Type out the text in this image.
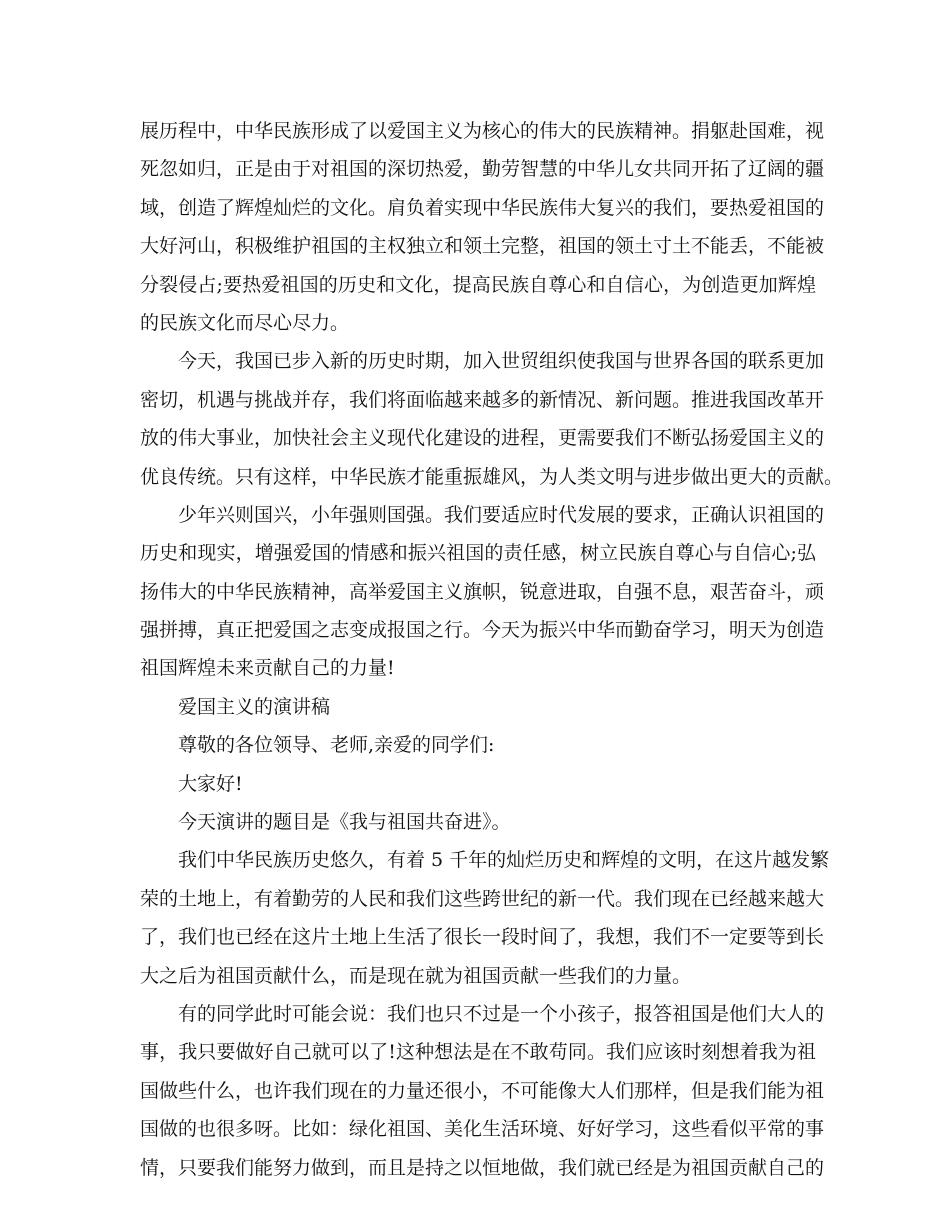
展历程中，中华民族形成了以爱国主义为核心的伟大的民族精神。捐躯赴国难，视
死忽如归，正是由于对祖国的深切热爱，勤劳智慧的中华儿女共同开拓了辽阔的疆
域，创造了辉煌灿烂的文化。肩负着实现中华民族伟大复兴的我们，要热爱祖国的
大好河山，积极维护祖国的主权独立和领土完整，祖国的领土寸土不能丢，不能被
分裂侵占;要热爱祖国的历史和文化，提高民族自尊心和自信心，为创造更加辉煌
的民族文化而尽心尽力。
今天，我国已步入新的历史时期，加入世贸组织使我国与世界各国的联系更加
密切，机遇与挑战并存，我们将面临越来越多的新情况、新问题。推进我国改革开
放的伟大事业，加快社会主义现代化建设的进程，更需要我们不断弘扬爱国主义的
优良传统。只有这样，中华民族才能重振雄风，为人类文明与进步做出更大的贡献。
少年兴则国兴，小年强则国强。我们要适应时代发展的要求，正确认识祖国的
历史和现实，增强爱国的情感和振兴祖国的责任感，树立民族自尊心与自信心;弘
扬伟大的中华民族精神，高举爱国主义旗帜，锐意进取，自强不息，艰苦奋斗，顽
强拼搏，真正把爱国之志变成报国之行。今天为振兴中华而勤奋学习，明天为创造
祖国辉煌未来贡献自己的力量!
爱国主义的演讲稿
尊敬的各位领导、老师,亲爱的同学们:
大家好!
今天演讲的题目是《我与祖国共奋进》。
我们中华民族历史悠久，有着 5 千年的灿烂历史和辉煌的文明，在这片越发繁
荣的土地上，有着勤劳的人民和我们这些跨世纪的新一代。我们现在已经越来越大
了，我们也已经在这片土地上生活了很长一段时间了，我想，我们不一定要等到长
大之后为祖国贡献什么，而是现在就为祖国贡献一些我们的力量。
有的同学此时可能会说：我们也只不过是一个小孩子，报答祖国是他们大人的
事，我只要做好自己就可以了!这种想法是在不敢苟同。我们应该时刻想着我为祖
国做些什么，也许我们现在的力量还很小，不可能像大人们那样，但是我们能为祖
国做的也很多呀。比如：绿化祖国、美化生活环境、好好学习，这些看似平常的事
情，只要我们能努力做到，而且是持之以恒地做，我们就已经是为祖国贡献自己的
